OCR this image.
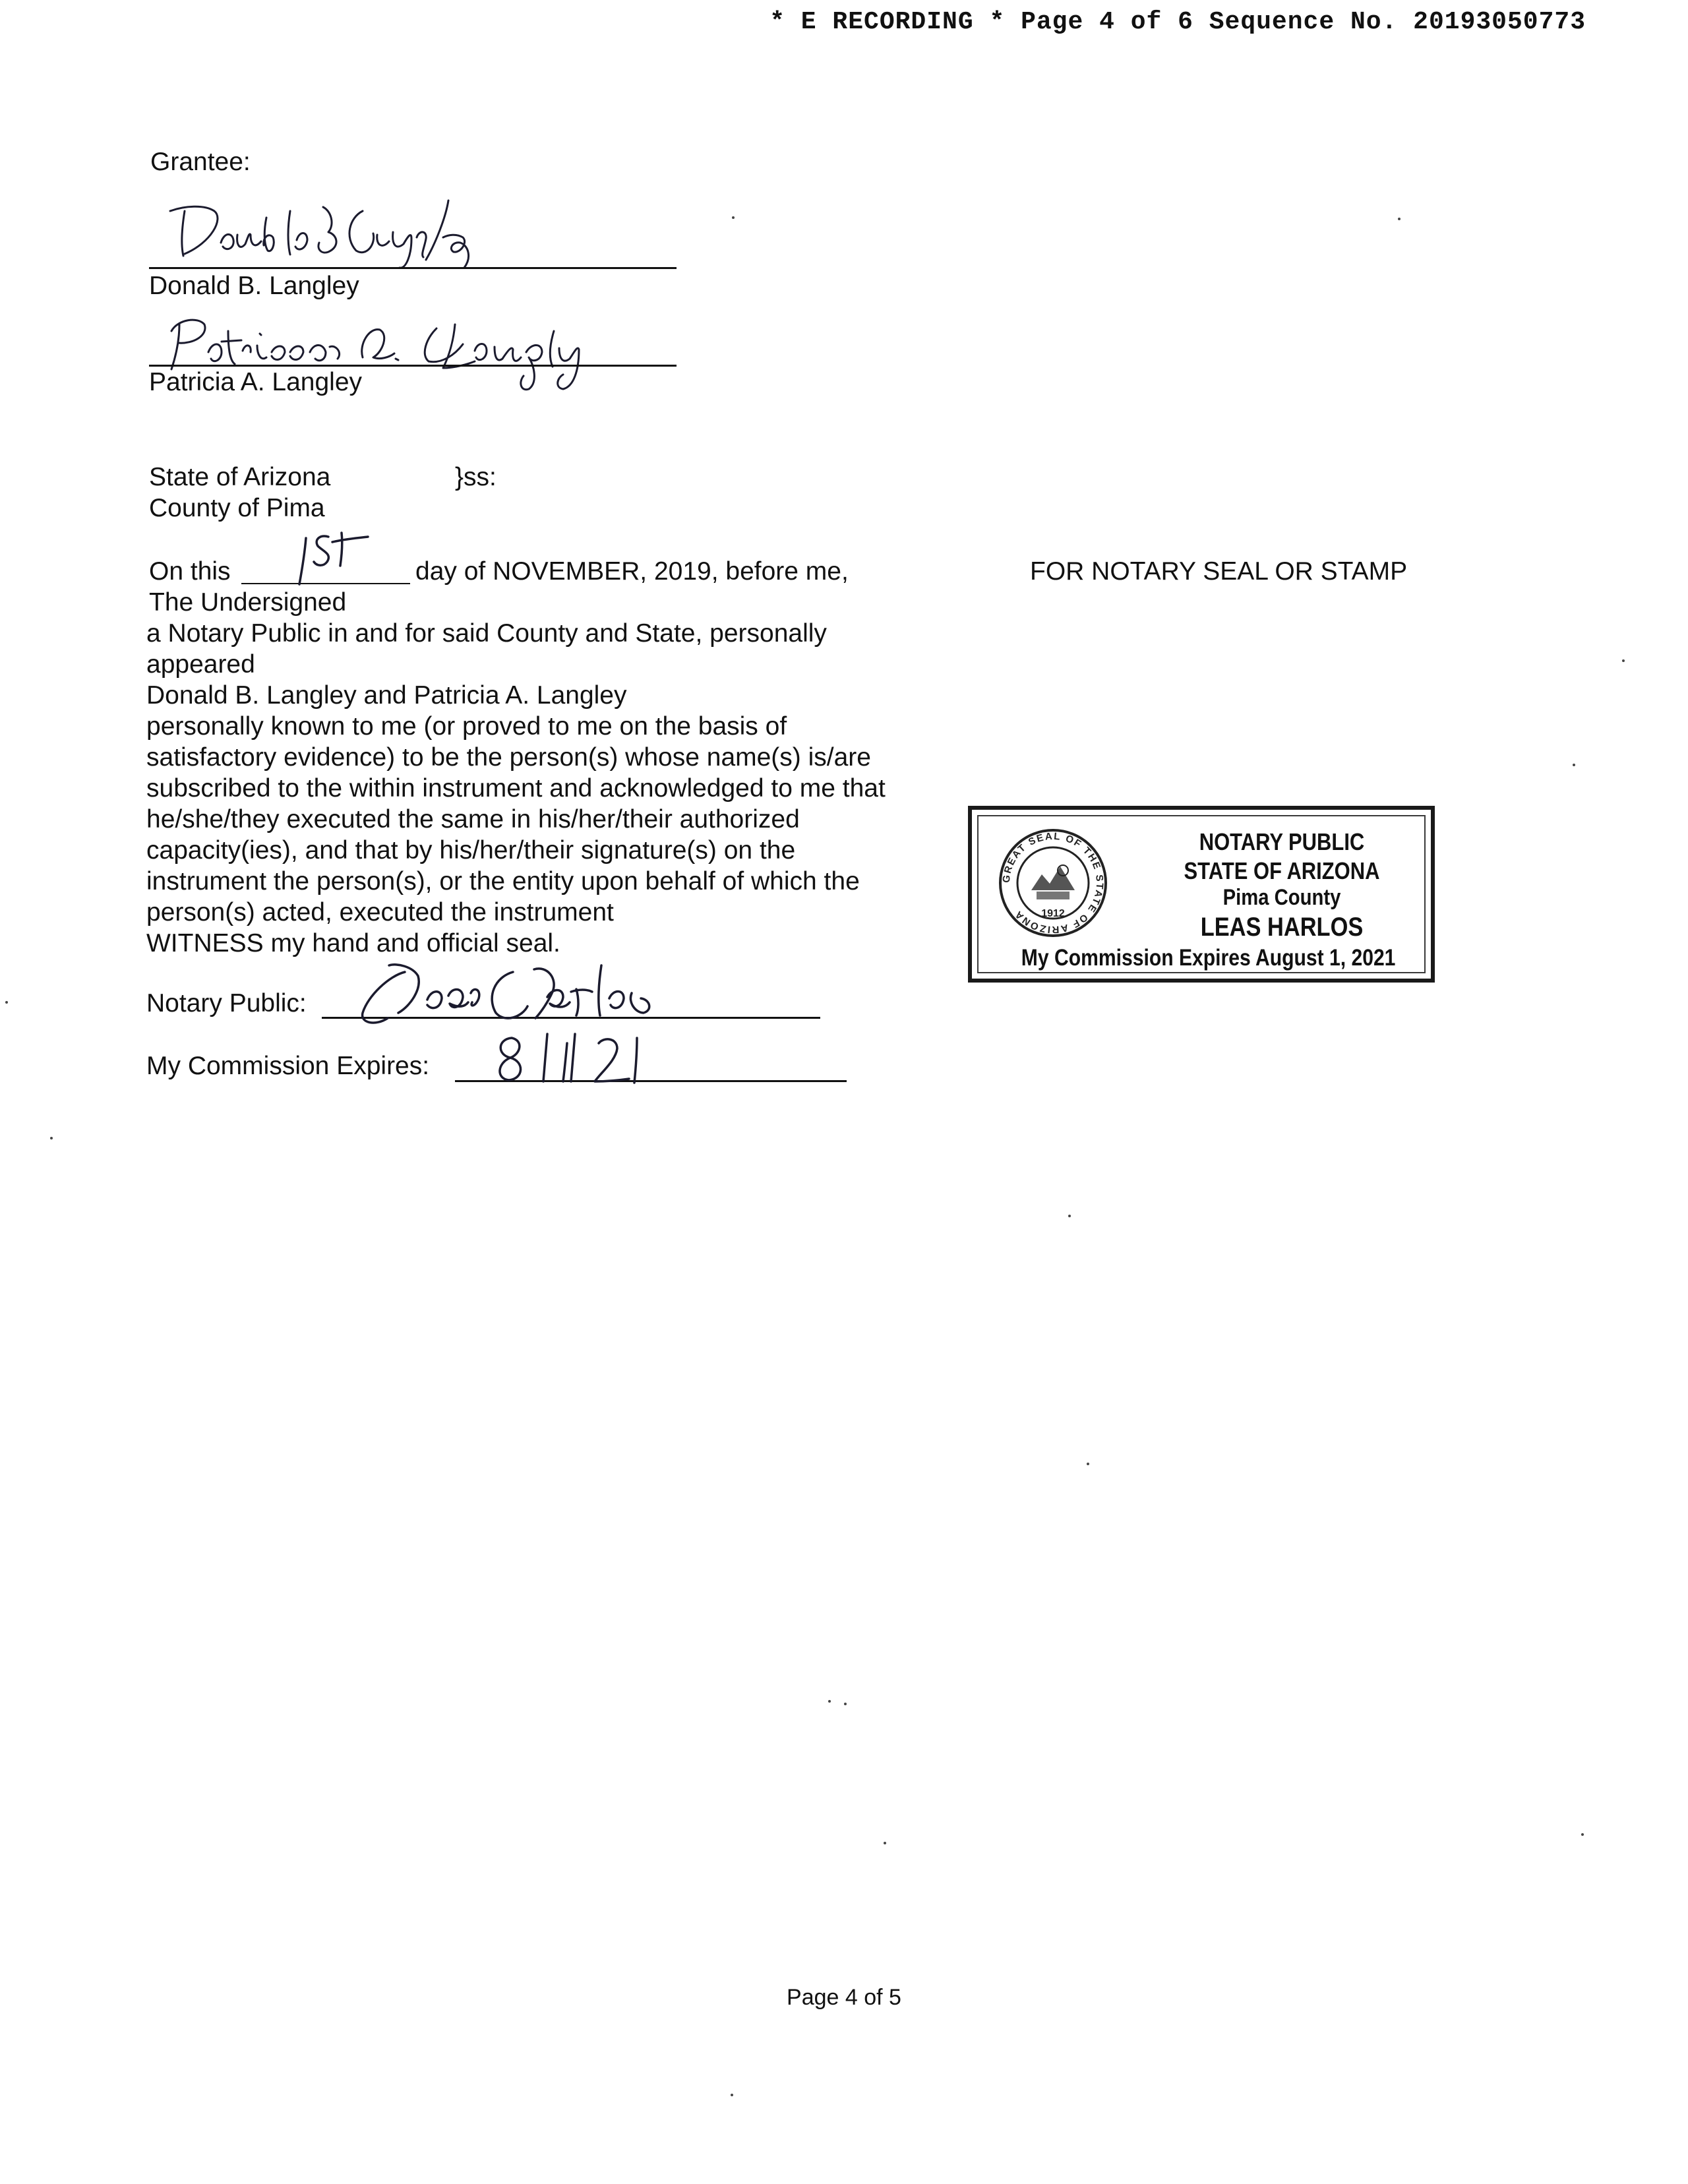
* E RECORDING * Page 4 of 6 Sequence No. 20193050773
Grantee:
Donald B. Langley
Patricia A. Langley
State of Arizona	}ss:
County of Pima
On this	day of NOVEMBER, 2019, before me,
The Undersigned
a Notary Public in and for said County and State, personally
appeared
Donald B. Langley and Patricia A. Langley
personally known to me (or proved to me on the basis of
satisfactory evidence) to be the person(s) whose name(s) is/are
subscribed to the within instrument and acknowledged to me that
he/she/they executed the same in his/her/their authorized
capacity(ies), and that by his/her/their signature(s) on the
instrument the person(s), or the entity upon behalf of which the
person(s) acted, executed the instrument
WITNESS my hand and official seal.
Notary Public:
My Commission Expires:
FOR NOTARY SEAL OR STAMP
GREAT SEAL OF THE STATE OF ARIZONA	1912
NOTARY PUBLIC
STATE OF ARIZONA
Pima County
LEAS HARLOS
My Commission Expires August 1, 2021
Page 4 of 5
